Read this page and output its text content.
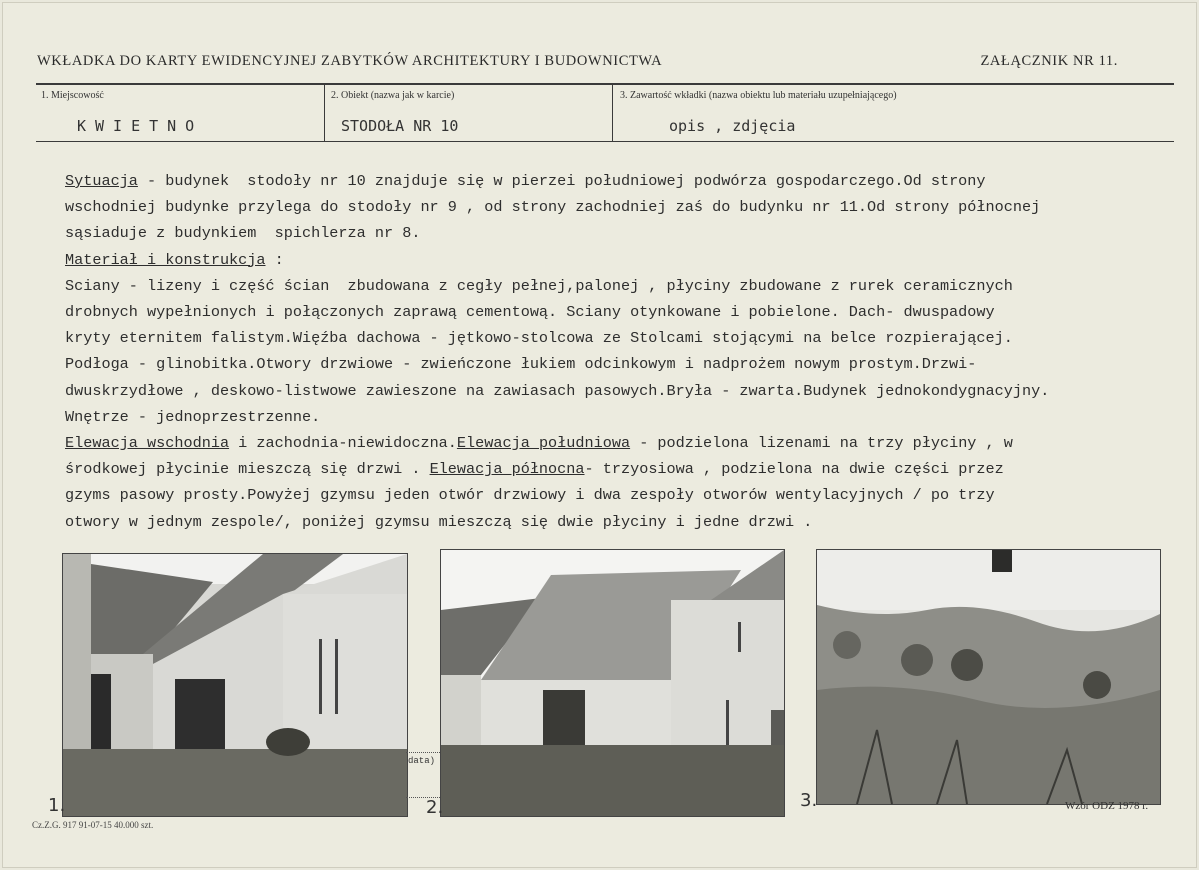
WKŁADKA DO KARTY EWIDENCYJNEJ ZABYTKÓW ARCHITEKTURY I BUDOWNICTWA	ZAŁĄCZNIK NR 11.
1. Miejscowość
KWIETNO
2. Obiekt (nazwa jak w karcie)
STODOŁA NR 10
3. Zawartość wkładki (nazwa obiektu lub materiału uzupełniającego)
opis , zdjęcia
Sytuacja - budynek  stodoły nr 10 znajduje się w pierzei południowej podwórza gospodarczego.Od strony
wschodniej budynke przylega do stodoły nr 9 , od strony zachodniej zaś do budynku nr 11.Od strony północnej
sąsiaduje z budynkiem  spichlerza nr 8.
Materiał i konstrukcja :
Sciany - lizeny i część ścian  zbudowana z cegły pełnej,palonej , płyciny zbudowane z rurek ceramicznych
drobnych wypełnionych i połączonych zaprawą cementową. Sciany otynkowane i pobielone. Dach- dwuspadowy
kryty eternitem falistym.Więźba dachowa - jętkowo-stolcowa ze Stolcami stojącymi na belce rozpierającej.
Podłoga - glinobitka.Otwory drzwiowe - zwieńczone łukiem odcinkowym i nadprożem nowym prostym.Drzwi-
dwuskrzydłowe , deskowo-listwowe zawieszone na zawiasach pasowych.Bryła - zwarta.Budynek jednokondygnacyjny.
Wnętrze - jednoprzestrzenne.
Elewacja wschodnia i zachodnia-niewidoczna.Elewacja południowa - podzielona lizenami na trzy płyciny , w
środkowej płycinie mieszczą się drzwi . Elewacja północna- trzyosiowa , podzielona na dwie części przez
gzyms pasowy prosty.Powyżej gzymsu jeden otwór drzwiowy i dwa zespoły otworów wentylacyjnych / po trzy
otwory w jednym zespole/, poniżej gzymsu mieszczą się dwie płyciny i jedne drzwi .
1.
data)
2.	3.
Cz.Z.G. 917 91-07-15 40.000 szt.
Wzór ODZ 1978 r.
